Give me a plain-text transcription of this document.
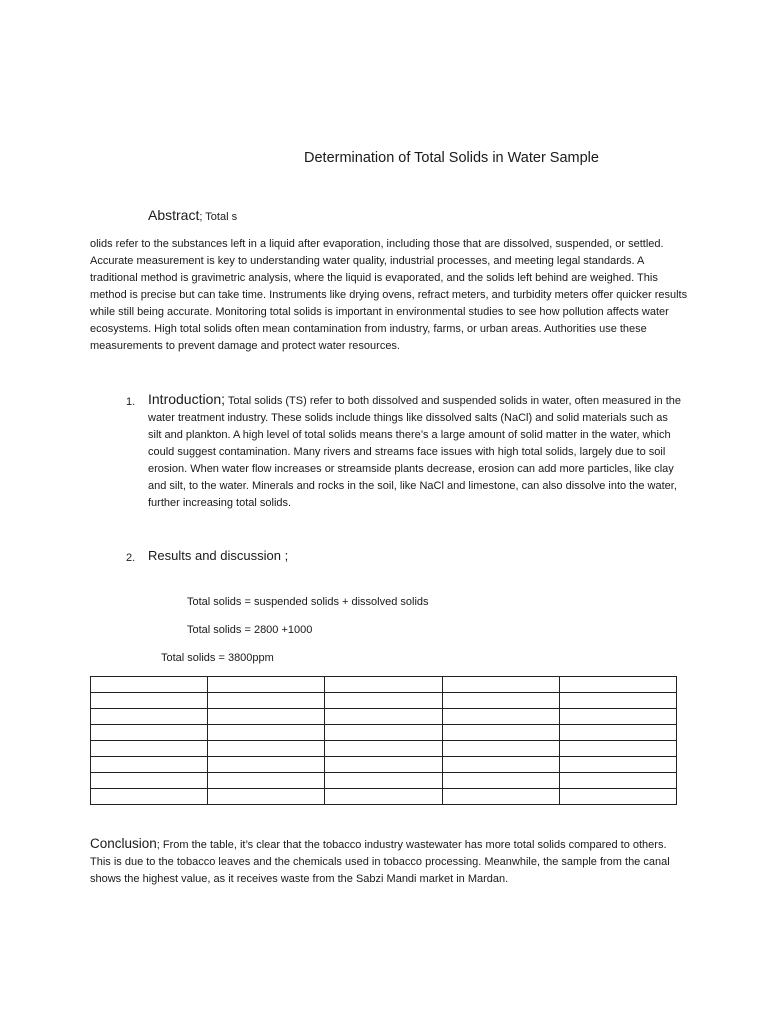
Determination of Total Solids in Water Sample
Abstract; Total s
olids refer to the substances left in a liquid after evaporation, including those that are dissolved, suspended, or settled. Accurate measurement is key to understanding water quality, industrial processes, and meeting legal standards. A traditional method is gravimetric analysis, where the liquid is evaporated, and the solids left behind are weighed. This method is precise but can take time. Instruments like drying ovens, refract meters, and turbidity meters offer quicker results while still being accurate. Monitoring total solids is important in environmental studies to see how pollution affects water ecosystems. High total solids often mean contamination from industry, farms, or urban areas. Authorities use these measurements to prevent damage and protect water resources.
1. Introduction; Total solids (TS) refer to both dissolved and suspended solids in water, often measured in the water treatment industry. These solids include things like dissolved salts (NaCl) and solid materials such as silt and plankton. A high level of total solids means there’s a large amount of solid matter in the water, which could suggest contamination. Many rivers and streams face issues with high total solids, largely due to soil erosion. When water flow increases or streamside plants decrease, erosion can add more particles, like clay and silt, to the water. Minerals and rocks in the soil, like NaCl and limestone, can also dissolve into the water, further increasing total solids.
2. Results and discussion ;
Total solids = suspended solids + dissolved solids
Total solids = 2800 +1000
Total solids = 3800ppm

Conclusion; From the table, it’s clear that the tobacco industry wastewater has more total solids compared to others. This is due to the tobacco leaves and the chemicals used in tobacco processing. Meanwhile, the sample from the canal shows the highest value, as it receives waste from the Sabzi Mandi market in Mardan.
